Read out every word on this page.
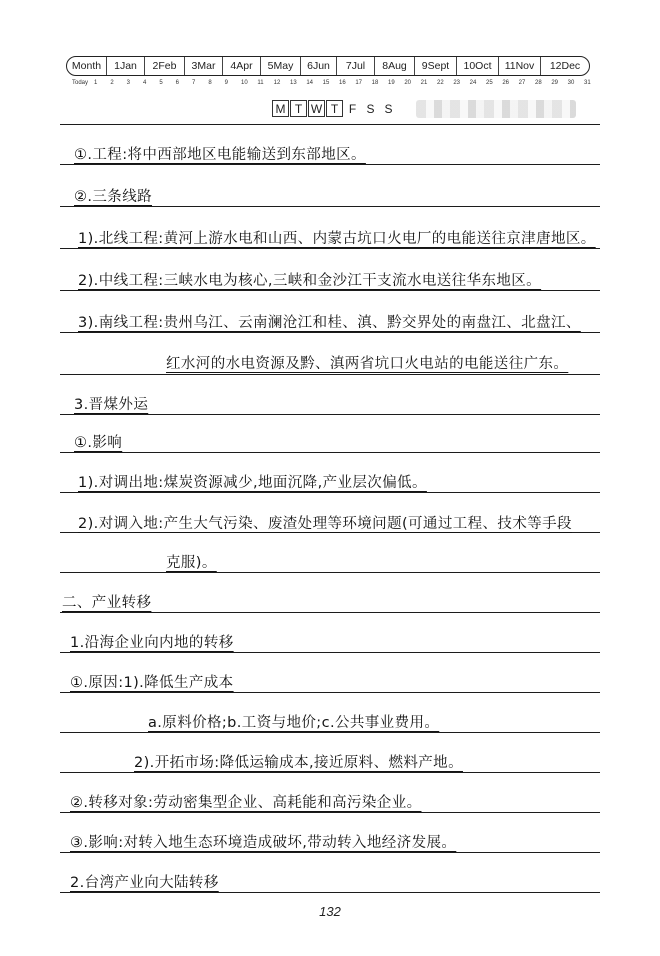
Month	1Jan	2Feb	3Mar	4Apr	5May	6Jun	7Jul	8Aug	9Sept	10Oct	11Nov	12Dec
Today 1 2 3 4 5 6 7 8 9 10 11 12 13 14 15 16 17 18 19 20 21 22 23 24 25 26 27 28 29 30 31
M T W T F S S
①.工程:将中西部地区电能输送到东部地区。
②.三条线路
1).北线工程:黄河上游水电和山西、内蒙古坑口火电厂的电能送往京津唐地区。
2).中线工程:三峡水电为核心,三峡和金沙江干支流水电送往华东地区。
3).南线工程:贵州乌江、云南澜沧江和桂、滇、黔交界处的南盘江、北盘江、
红水河的水电资源及黔、滇两省坑口火电站的电能送往广东。
3.晋煤外运
①.影响
1).对调出地:煤炭资源减少,地面沉降,产业层次偏低。
2).对调入地:产生大气污染、废渣处理等环境问题(可通过工程、技术等手段
克服)。
二、产业转移
1.沿海企业向内地的转移
①.原因:1).降低生产成本
a.原料价格;b.工资与地价;c.公共事业费用。
2).开拓市场:降低运输成本,接近原料、燃料产地。
②.转移对象:劳动密集型企业、高耗能和高污染企业。
③.影响:对转入地生态环境造成破坏,带动转入地经济发展。
2.台湾产业向大陆转移
132
